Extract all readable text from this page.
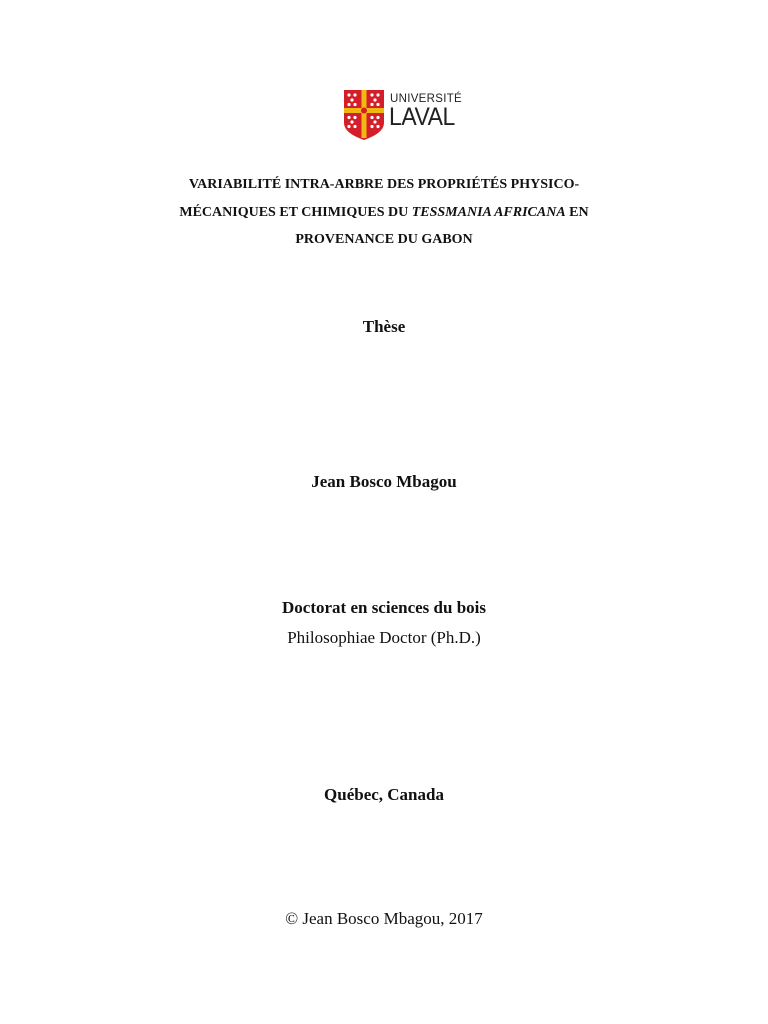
UNIVERSITÉ
LAVAL
VARIABILITÉ INTRA-ARBRE DES PROPRIÉTÉS PHYSICO-
MÉCANIQUES ET CHIMIQUES DU TESSMANIA AFRICANA EN
PROVENANCE DU GABON
Thèse
Jean Bosco Mbagou
Doctorat en sciences du bois
Philosophiae Doctor (Ph.D.)
Québec, Canada
© Jean Bosco Mbagou, 2017
